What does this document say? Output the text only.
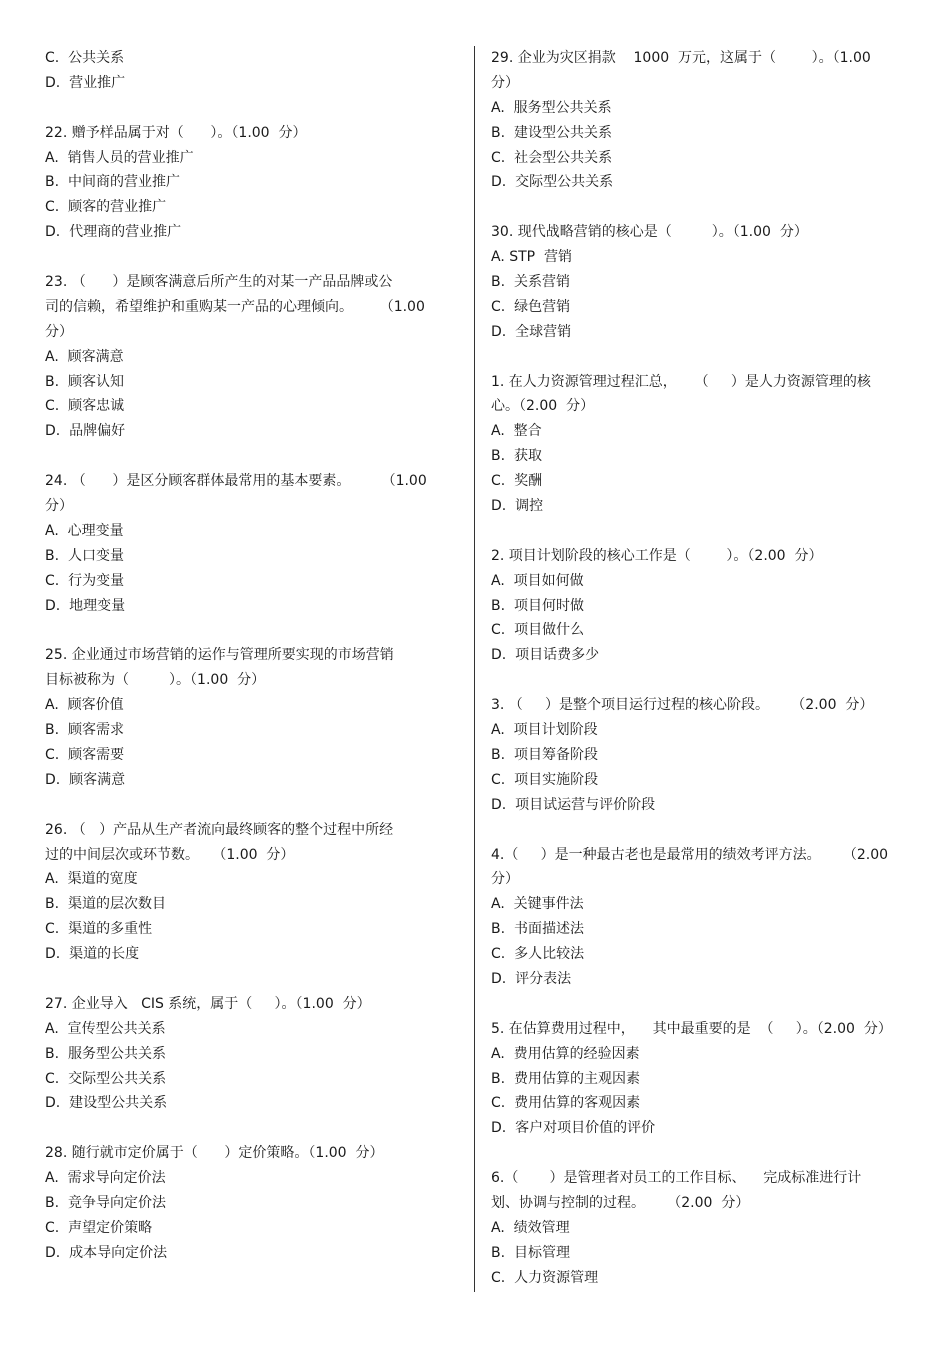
C.  公共关系
D.  营业推广
22. 赠予样品属于对（      ）。（1.00  分）
A.  销售人员的营业推广
B.  中间商的营业推广
C.  顾客的营业推广
D.  代理商的营业推广
23. （      ）是顾客满意后所产生的对某一产品品牌或公
司的信赖，希望维护和重购某一产品的心理倾向。      （1.00
分）
A.  顾客满意
B.  顾客认知
C.  顾客忠诚
D.  品牌偏好
24. （      ）是区分顾客群体最常用的基本要素。       （1.00
分）
A.  心理变量
B.  人口变量
C.  行为变量
D.  地理变量
25. 企业通过市场营销的运作与管理所要实现的市场营销
目标被称为（         ）。（1.00  分）
A.  顾客价值
B.  顾客需求
C.  顾客需要
D.  顾客满意
26. （   ）产品从生产者流向最终顾客的整个过程中所经
过的中间层次或环节数。   （1.00  分）
A.  渠道的宽度
B.  渠道的层次数目
C.  渠道的多重性
D.  渠道的长度
27. 企业导入   CIS 系统，属于（     ）。（1.00  分）
A.  宣传型公共关系
B.  服务型公共关系
C.  交际型公共关系
D.  建设型公共关系
28. 随行就市定价属于（      ）定价策略。（1.00  分）
A.  需求导向定价法
B.  竞争导向定价法
C.  声望定价策略
D.  成本导向定价法
29. 企业为灾区捐款    1000  万元，这属于（        ）。（1.00
分）
A.  服务型公共关系
B.  建设型公共关系
C.  社会型公共关系
D.  交际型公共关系
30. 现代战略营销的核心是（         ）。（1.00  分）
A. STP  营销
B.  关系营销
C.  绿色营销
D.  全球营销
1. 在人力资源管理过程汇总，    （     ）是人力资源管理的核
心。（2.00  分）
A.  整合
B.  获取
C.  奖酬
D.  调控
2. 项目计划阶段的核心工作是（        ）。（2.00  分）
A.  项目如何做
B.  项目何时做
C.  项目做什么
D.  项目话费多少
3. （     ）是整个项目运行过程的核心阶段。     （2.00  分）
A.  项目计划阶段
B.  项目筹备阶段
C.  项目实施阶段
D.  项目试运营与评价阶段
4.（     ）是一种最古老也是最常用的绩效考评方法。     （2.00
分）
A.  关键事件法
B.  书面描述法
C.  多人比较法
D.  评分表法
5. 在估算费用过程中，    其中最重要的是  （     ）。（2.00  分）
A.  费用估算的经验因素
B.  费用估算的主观因素
C.  费用估算的客观因素
D.  客户对项目价值的评价
6.（       ）是管理者对员工的工作目标、    完成标准进行计
划、协调与控制的过程。     （2.00  分）
A.  绩效管理
B.  目标管理
C.  人力资源管理
